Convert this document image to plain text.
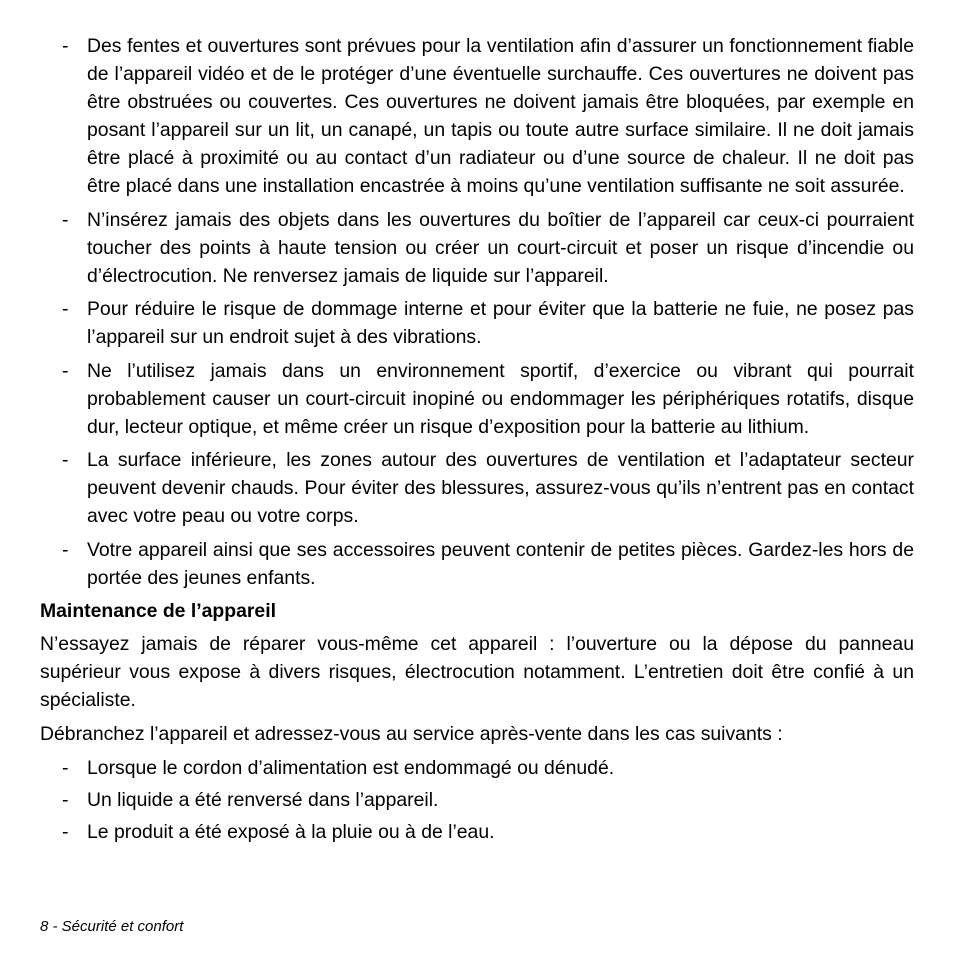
- Des fentes et ouvertures sont prévues pour la ventilation afin d’assurer un fonctionnement fiable de l’appareil vidéo et de le protéger d’une éventuelle surchauffe. Ces ouvertures ne doivent pas être obstruées ou couvertes. Ces ouvertures ne doivent jamais être bloquées, par exemple en posant l’appareil sur un lit, un canapé, un tapis ou toute autre surface similaire. Il ne doit jamais être placé à proximité ou au contact d’un radiateur ou d’une source de chaleur. Il ne doit pas être placé dans une installation encastrée à moins qu’une ventilation suffisante ne soit assurée.
- N’insérez jamais des objets dans les ouvertures du boîtier de l’appareil car ceux-ci pourraient toucher des points à haute tension ou créer un court-circuit et poser un risque d’incendie ou d’électrocution. Ne renversez jamais de liquide sur l’appareil.
- Pour réduire le risque de dommage interne et pour éviter que la batterie ne fuie, ne posez pas l’appareil sur un endroit sujet à des vibrations.
- Ne l’utilisez jamais dans un environnement sportif, d’exercice ou vibrant qui pourrait probablement causer un court-circuit inopiné ou endommager les périphériques rotatifs, disque dur, lecteur optique, et même créer un risque d’exposition pour la batterie au lithium.
- La surface inférieure, les zones autour des ouvertures de ventilation et l’adaptateur secteur peuvent devenir chauds. Pour éviter des blessures, assurez-vous qu’ils n’entrent pas en contact avec votre peau ou votre corps.
- Votre appareil ainsi que ses accessoires peuvent contenir de petites pièces. Gardez-les hors de portée des jeunes enfants.
Maintenance de l’appareil

N’essayez jamais de réparer vous-même cet appareil : l’ouverture ou la dépose du panneau supérieur vous expose à divers risques, électrocution notamment. L’entretien doit être confié à un spécialiste.

Débranchez l’appareil et adressez-vous au service après-vente dans les cas suivants :

- Lorsque le cordon d’alimentation est endommagé ou dénudé.
- Un liquide a été renversé dans l’appareil.
- Le produit a été exposé à la pluie ou à de l’eau.
8 - Sécurité et confort
